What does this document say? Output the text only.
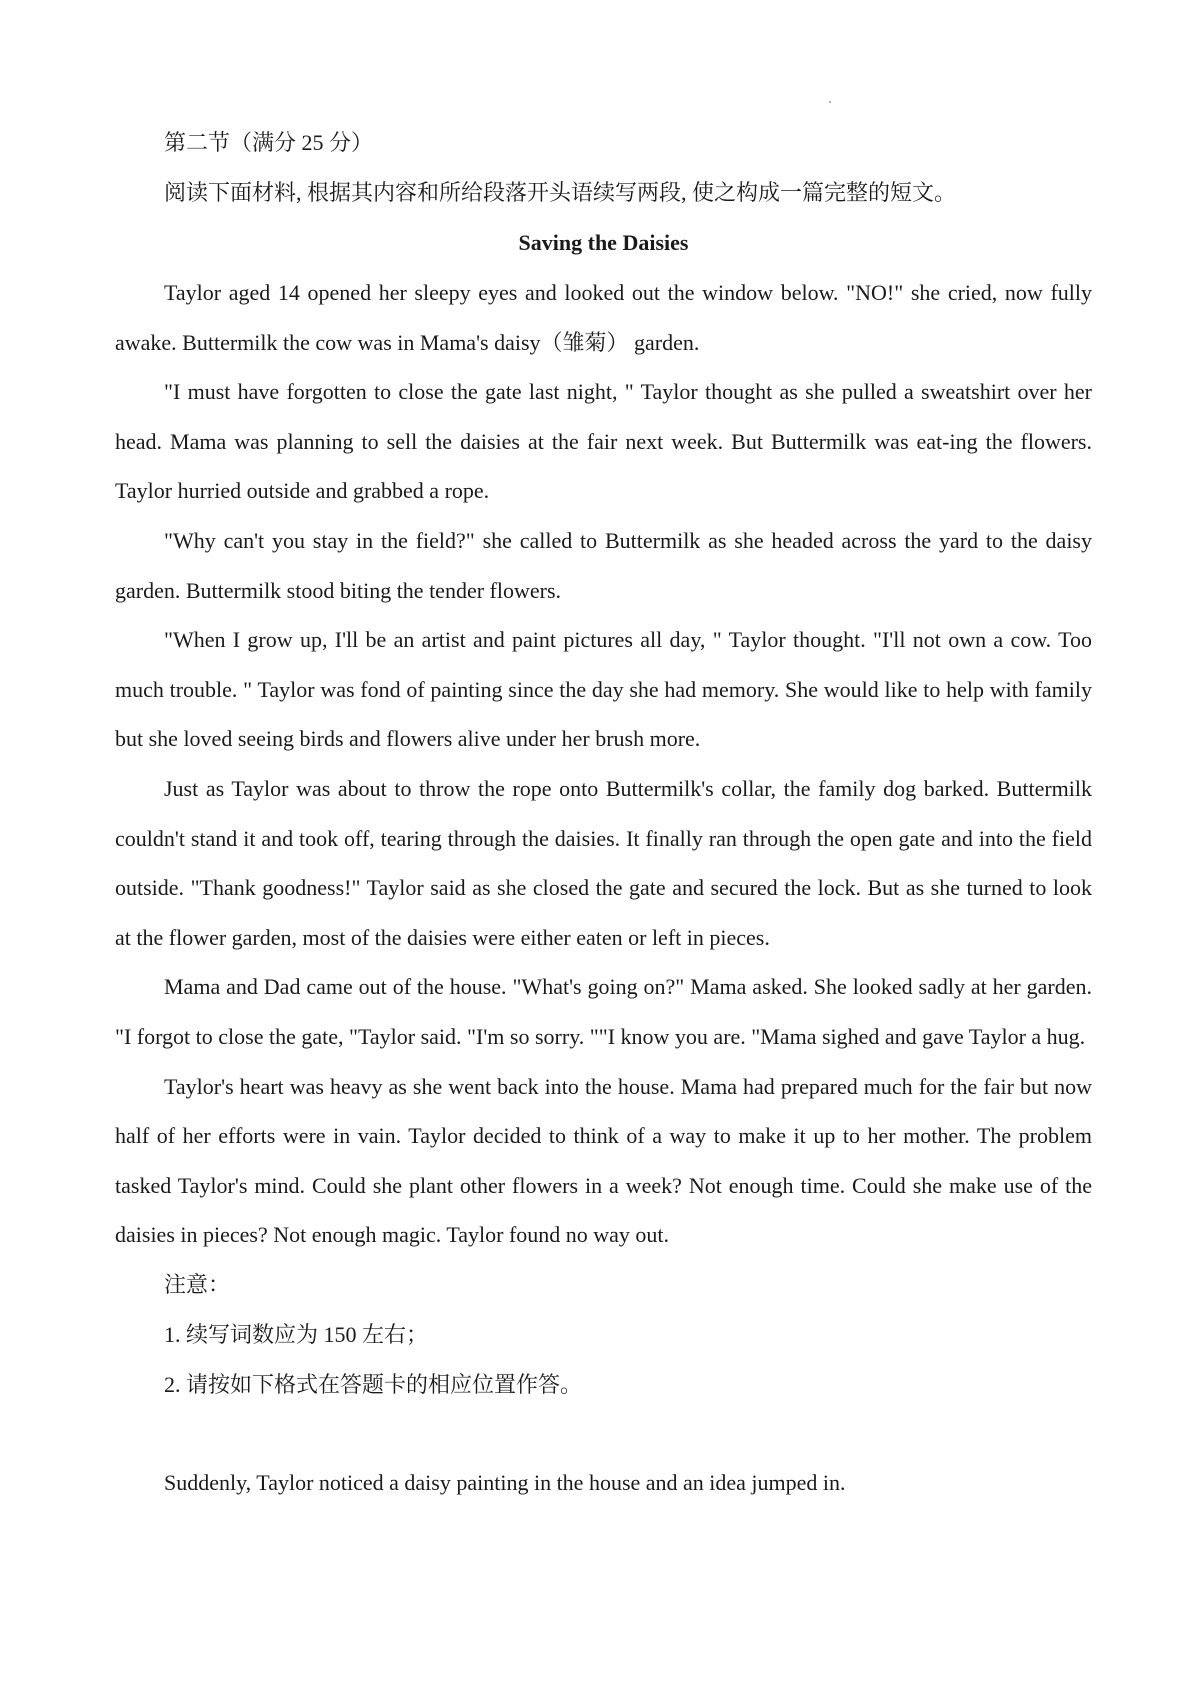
第二节（满分 25 分）

阅读下面材料, 根据其内容和所给段落开头语续写两段, 使之构成一篇完整的短文。

Saving the Daisies

Taylor aged 14 opened her sleepy eyes and looked out the window below. "NO!" she cried, now fully awake. Buttermilk the cow was in Mama's daisy（雏菊） garden.

"I must have forgotten to close the gate last night, " Taylor thought as she pulled a sweatshirt over her head. Mama was planning to sell the daisies at the fair next week. But Buttermilk was eat-ing the flowers. Taylor hurried outside and grabbed a rope.

"Why can't you stay in the field?" she called to Buttermilk as she headed across the yard to the daisy garden. Buttermilk stood biting the tender flowers.

"When I grow up, I'll be an artist and paint pictures all day, " Taylor thought. "I'll not own a cow. Too much trouble. " Taylor was fond of painting since the day she had memory. She would like to help with family but she loved seeing birds and flowers alive under her brush more.

Just as Taylor was about to throw the rope onto Buttermilk's collar, the family dog barked. Buttermilk couldn't stand it and took off, tearing through the daisies. It finally ran through the open gate and into the field outside. "Thank goodness!" Taylor said as she closed the gate and secured the lock. But as she turned to look at the flower garden, most of the daisies were either eaten or left in pieces.

Mama and Dad came out of the house. "What's going on?" Mama asked. She looked sadly at her garden. "I forgot to close the gate, "Taylor said. "I'm so sorry. ""I know you are. "Mama sighed and gave Taylor a hug.

Taylor's heart was heavy as she went back into the house. Mama had prepared much for the fair but now half of her efforts were in vain. Taylor decided to think of a way to make it up to her mother. The problem tasked Taylor's mind. Could she plant other flowers in a week? Not enough time. Could she make use of the daisies in pieces? Not enough magic. Taylor found no way out.

注意：

1. 续写词数应为 150 左右；

2. 请按如下格式在答题卡的相应位置作答。

Suddenly, Taylor noticed a daisy painting in the house and an idea jumped in.
